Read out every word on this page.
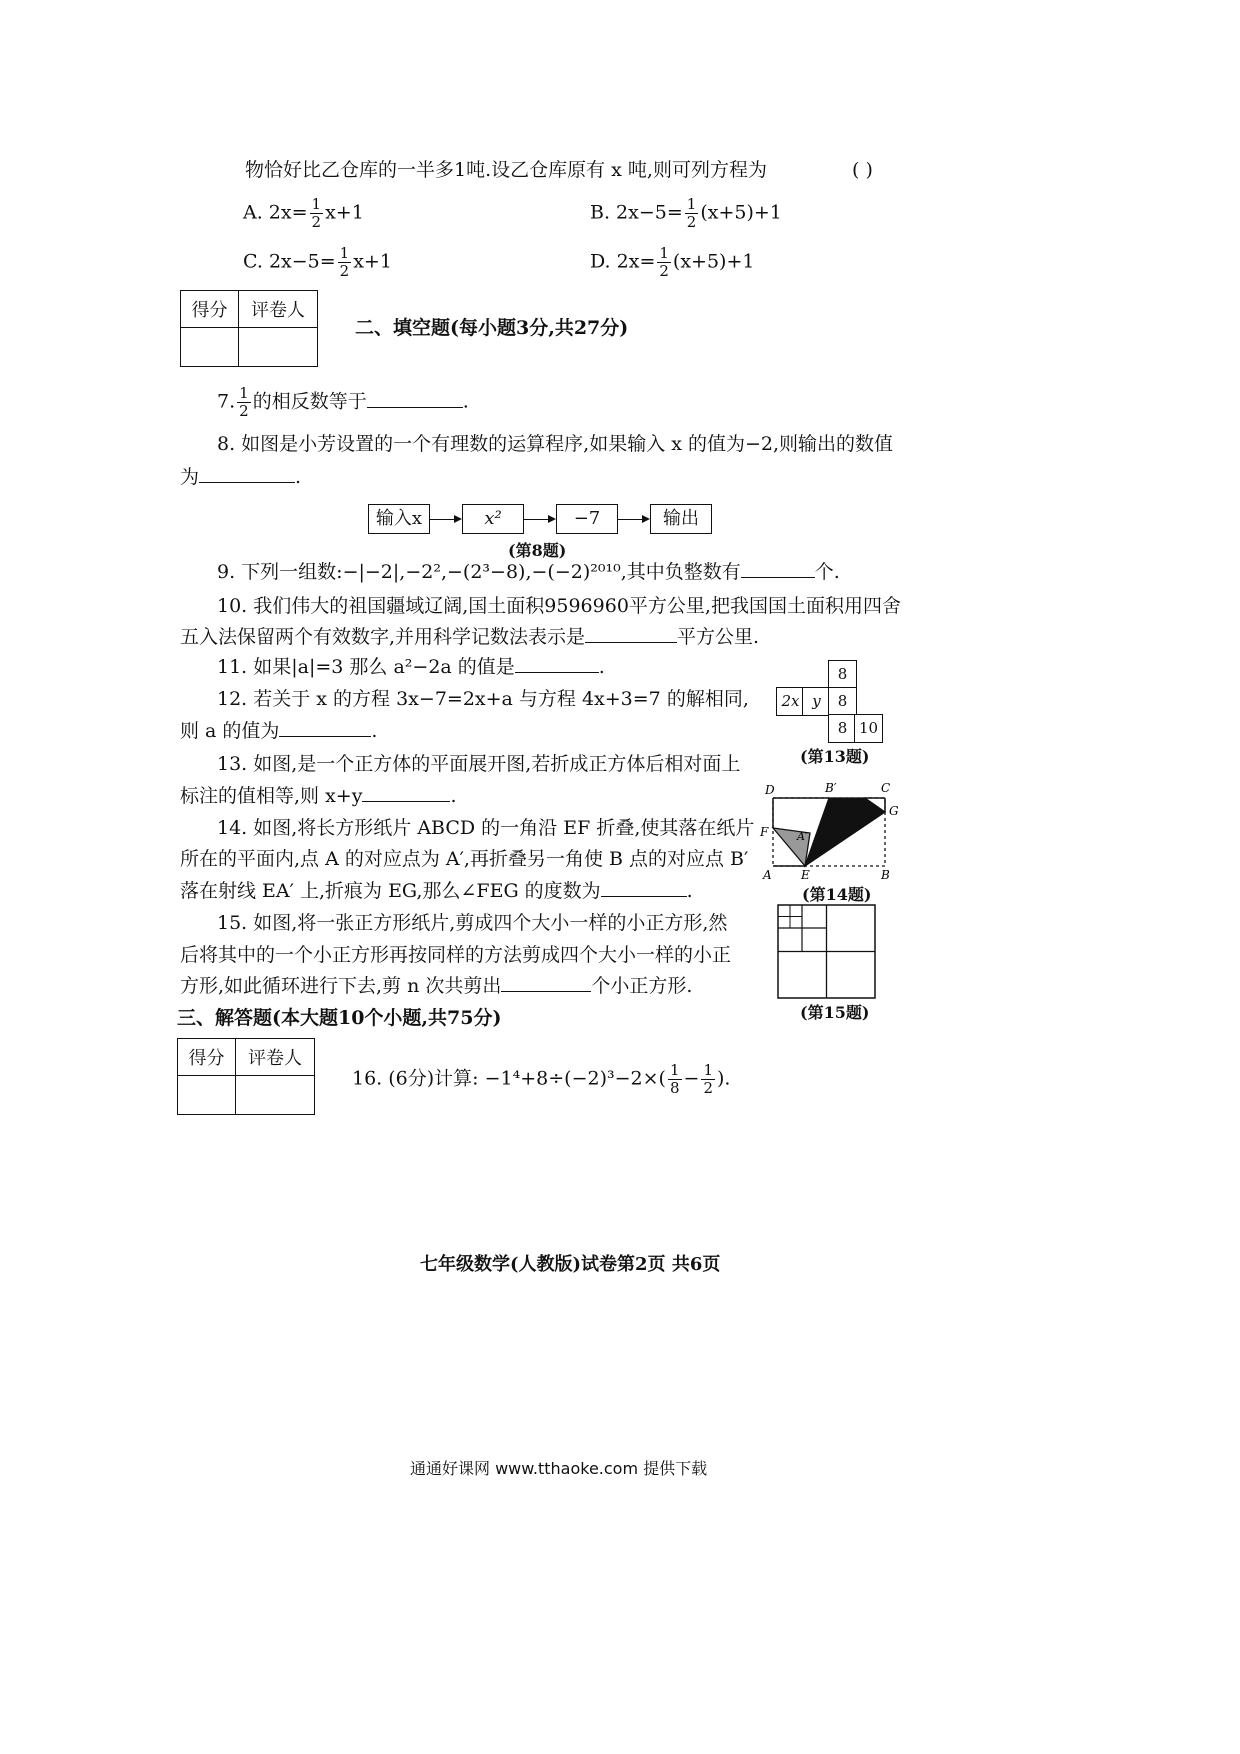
物恰好比乙仓库的一半多1吨.设乙仓库原有 x 吨,则可列方程为	( )
A. $2x= \frac{1}{2} x+1$	B. $2x-5= \frac{1}{2} (x+5)+1$
C. $2x-5= \frac{1}{2} x+1$	D. $2x= \frac{1}{2} (x+5)+1$
得分	评卷人

二、填空题(每小题3分,共27分)
7. $\frac{1}{2}$ 的相反数等于	.
8. 如图是小芳设置的一个有理数的运算程序,如果输入 x 的值为−2,则输出的数值
为	.
输入x	x²	−7	输出
(第8题)
9. 下列一组数:−|−2|,−2²,−(2³−8),−(−2)²⁰¹⁰,其中负整数有	个.
10. 我们伟大的祖国疆域辽阔,国土面积9596960平方公里,把我国国土面积用四舍
五入法保留两个有效数字,并用科学记数法表示是	平方公里.
11. 如果|a|=3 那么 a²−2a 的值是	.
12. 若关于 x 的方程 3x−7=2x+a 与方程 4x+3=7 的解相同,
则 a 的值为	.
8
2x y	8
8 10
(第13题)
13. 如图,是一个正方体的平面展开图,若折成正方体后相对面上
标注的值相等,则 x+y	.
14. 如图,将长方形纸片 ABCD 的一角沿 EF 折叠,使其落在纸片
所在的平面内,点 A 的对应点为 A′,再折叠另一角使 B 点的对应点 B′
落在射线 EA′ 上,折痕为 EG,那么∠FEG 的度数为	.
D	B′	C
G
F	A′
A E	B
(第14题)
(第15题)
15. 如图,将一张正方形纸片,剪成四个大小一样的小正方形,然
后将其中的一个小正方形再按同样的方法剪成四个大小一样的小正
方形,如此循环进行下去,剪 n 次共剪出	个小正方形.
三、解答题(本大题10个小题,共75分)
得分	评卷人

16. (6分)计算: $-1^4+8\div(-2)^3-2\times( \frac{1}{8} - \frac{1}{2}$ ).
七年级数学(人教版)试卷第2页 共6页
通通好课网 www.tthaoke.com 提供下载
